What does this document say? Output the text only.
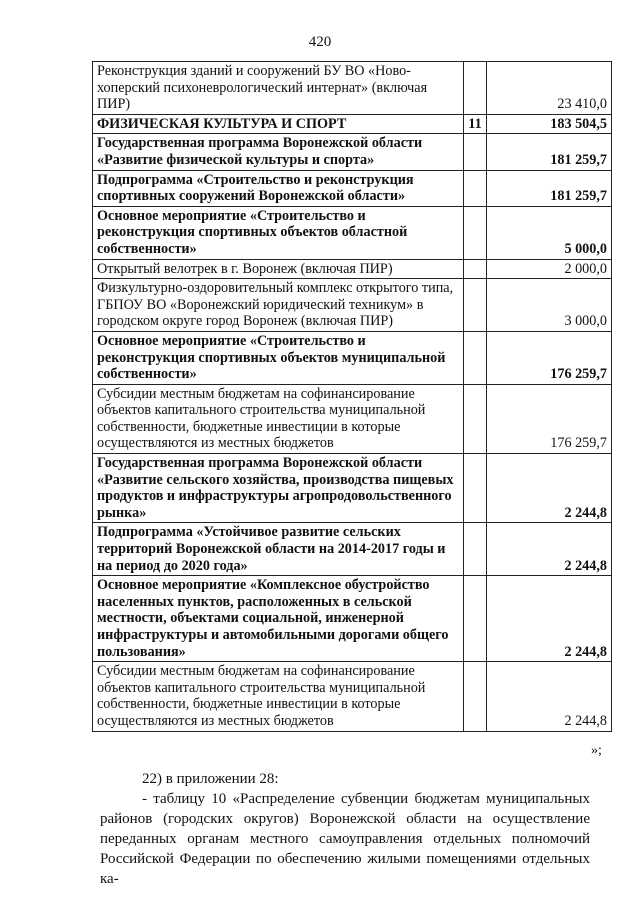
420
Реконструкция зданий и сооружений БУ ВО «Ново-хоперский психоневрологический интернат» (включая ПИР)		23 410,0
ФИЗИЧЕСКАЯ КУЛЬТУРА И СПОРТ	11	183 504,5
Государственная программа Воронежской области «Развитие физической культуры и спорта»		181 259,7
Подпрограмма «Строительство и реконструкция спортивных сооружений Воронежской области»		181 259,7
Основное мероприятие «Строительство и реконструкция спортивных объектов областной собственности»		5 000,0
Открытый велотрек в г. Воронеж (включая ПИР)		2 000,0
Физкультурно-оздоровительный комплекс открытого типа, ГБПОУ ВО «Воронежский юридический техникум» в городском округе город Воронеж (включая ПИР)		3 000,0
Основное мероприятие «Строительство и реконструкция спортивных объектов муниципальной собственности»		176 259,7
Субсидии местным бюджетам на софинансирование объектов капитального строительства муниципальной собственности, бюджетные инвестиции в которые осуществляются из местных бюджетов		176 259,7
Государственная программа Воронежской области «Развитие сельского хозяйства, производства пищевых продуктов и инфраструктуры агропродовольственного рынка»		2 244,8
Подпрограмма «Устойчивое развитие сельских территорий Воронежской области на 2014-2017 годы и на период до 2020 года»		2 244,8
Основное мероприятие «Комплексное обустройство населенных пунктов, расположенных в сельской местности, объектами социальной, инженерной инфраструктуры и автомобильными дорогами общего пользования»		2 244,8
Субсидии местным бюджетам на софинансирование объектов капитального строительства муниципальной собственности, бюджетные инвестиции в которые осуществляются из местных бюджетов		2 244,8
»;
22) в приложении 28:
- таблицу 10 «Распределение субвенции бюджетам муниципальных районов (городских округов) Воронежской области на осуществление переданных органам местного самоуправления отдельных полномочий Российской Федерации по обеспечению жилыми помещениями отдельных ка-
